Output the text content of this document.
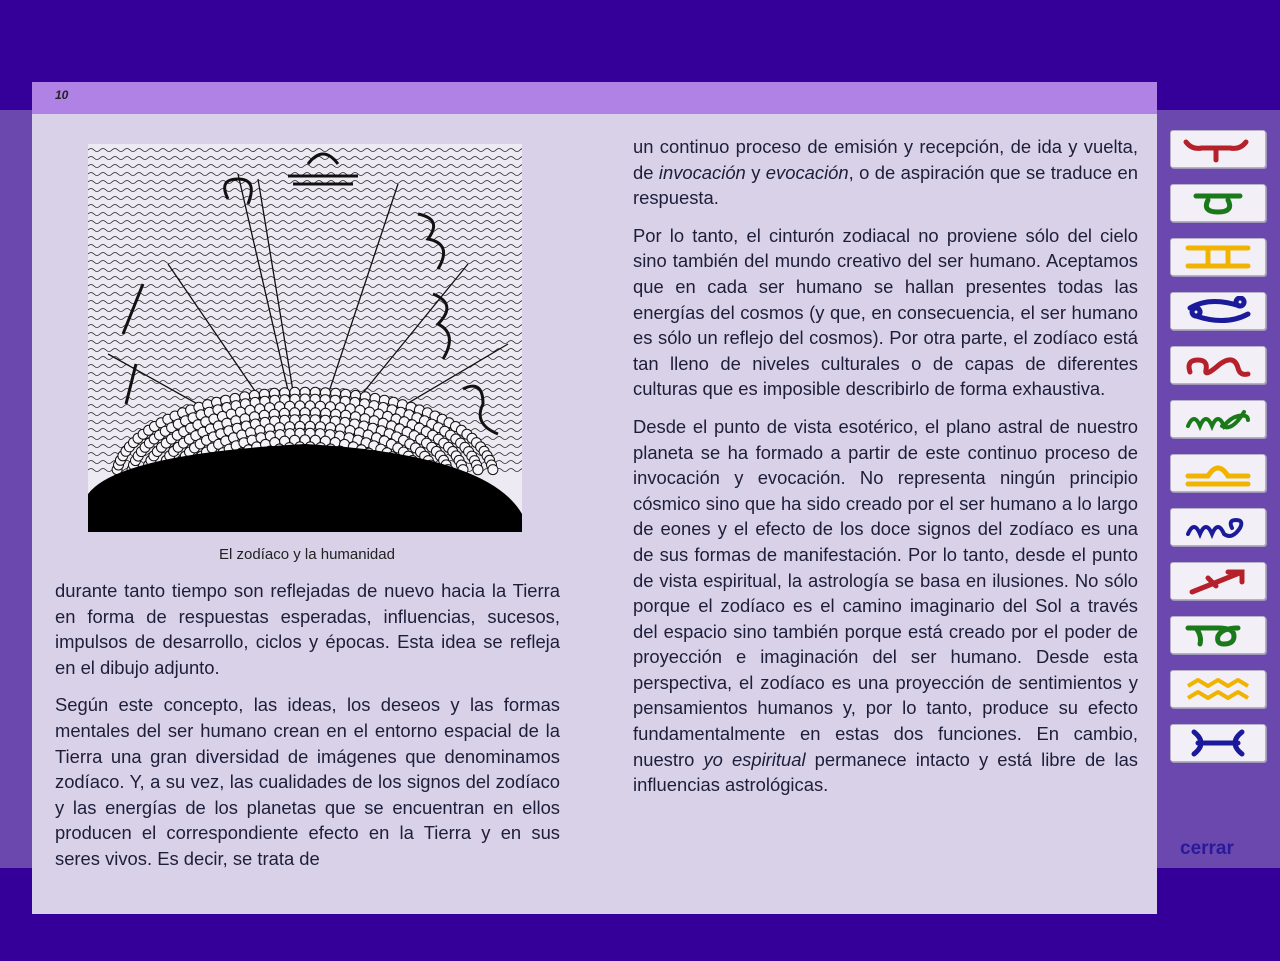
10
El zodíaco y la humanidad

durante tanto tiempo son reflejadas de nuevo hacia la Tierra en forma de respuestas esperadas, influencias, sucesos, impulsos de desarrollo, ciclos y épocas. Esta idea se refleja en el dibujo adjunto.

Según este concepto, las ideas, los deseos y las formas mentales del ser humano crean en el entorno espacial de la Tierra una gran diversidad de imágenes que denominamos zodíaco. Y, a su vez, las cualidades de los signos del zodíaco y las energías de los planetas que se encuentran en ellos producen el correspondiente efecto en la Tierra y en sus seres vivos. Es decir, se trata de

un continuo proceso de emisión y recepción, de ida y vuelta, de invocación y evocación, o de aspiración que se traduce en respuesta.

Por lo tanto, el cinturón zodiacal no proviene sólo del cielo sino también del mundo creativo del ser humano. Aceptamos que en cada ser humano se hallan presentes todas las energías del cosmos (y que, en consecuencia, el ser humano es sólo un reflejo del cosmos). Por otra parte, el zodíaco está tan lleno de niveles culturales o de capas de diferentes culturas que es imposible describirlo de forma exhaustiva.

Desde el punto de vista esotérico, el plano astral de nuestro planeta se ha formado a partir de este continuo proceso de invocación y evocación. No representa ningún principio cósmico sino que ha sido creado por el ser humano a lo largo de eones y el efecto de los doce signos del zodíaco es una de sus formas de manifestación. Por lo tanto, desde el punto de vista espiritual, la astrología se basa en ilusiones. No sólo porque el zodíaco es el camino imaginario del Sol a través del espacio sino también porque está creado por el poder de proyección e imaginación del ser humano. Desde esta perspectiva, el zodíaco es una proyección de sentimientos y pensamientos humanos y, por lo tanto, produce su efecto fundamentalmente en estas dos funciones. En cambio, nuestro yo espiritual permanece intacto y está libre de las influencias astrológicas.

cerrar
